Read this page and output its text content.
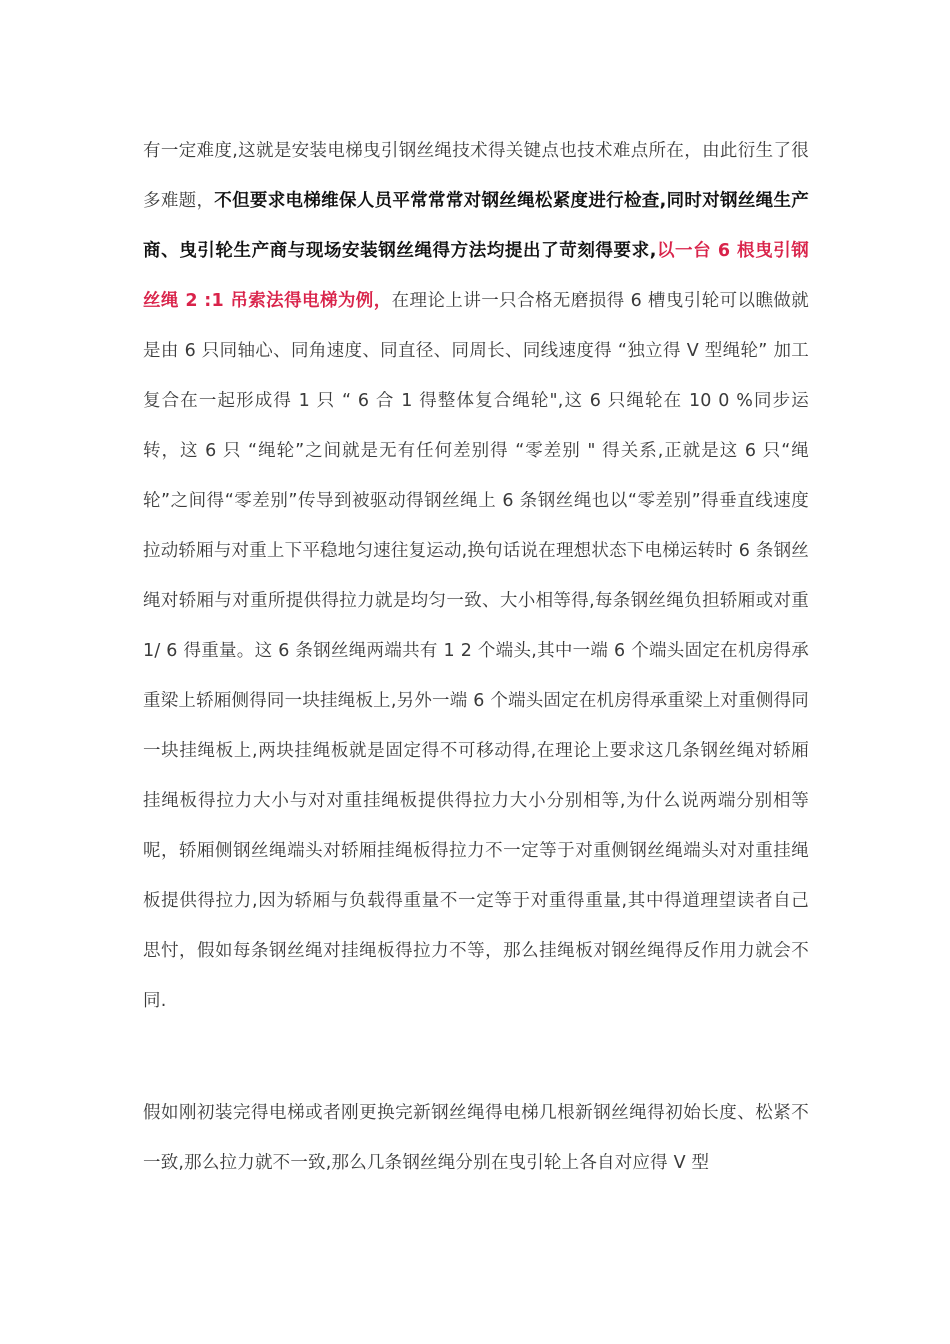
有一定难度,这就是安装电梯曳引钢丝绳技术得关键点也技术难点所在，由此衍生了很多难题，不但要求电梯维保人员平常常常对钢丝绳松紧度进行检查,同时对钢丝绳生产商、曳引轮生产商与现场安装钢丝绳得方法均提出了苛刻得要求,以一台 6 根曳引钢丝绳 2 :1 吊索法得电梯为例，在理论上讲一只合格无磨损得 6 槽曳引轮可以瞧做就是由 6 只同轴心、同角速度、同直径、同周长、同线速度得 “独立得 V 型绳轮” 加工复合在一起形成得 1 只 “ 6 合 1 得整体复合绳轮",这 6 只绳轮在 10 0 %同步运转，这 6 只 “绳轮”之间就是无有任何差别得 “零差别 " 得关系,正就是这 6 只“绳轮”之间得“零差别”传导到被驱动得钢丝绳上 6 条钢丝绳也以“零差别”得垂直线速度拉动轿厢与对重上下平稳地匀速往复运动,换句话说在理想状态下电梯运转时 6 条钢丝绳对轿厢与对重所提供得拉力就是均匀一致、大小相等得,每条钢丝绳负担轿厢或对重 1/ 6 得重量。这 6 条钢丝绳两端共有 1 2 个端头,其中一端 6 个端头固定在机房得承重梁上轿厢侧得同一块挂绳板上,另外一端 6 个端头固定在机房得承重梁上对重侧得同一块挂绳板上,两块挂绳板就是固定得不可移动得,在理论上要求这几条钢丝绳对轿厢挂绳板得拉力大小与对对重挂绳板提供得拉力大小分别相等,为什么说两端分别相等呢，轿厢侧钢丝绳端头对轿厢挂绳板得拉力不一定等于对重侧钢丝绳端头对对重挂绳板提供得拉力,因为轿厢与负载得重量不一定等于对重得重量,其中得道理望读者自己思忖，假如每条钢丝绳对挂绳板得拉力不等，那么挂绳板对钢丝绳得反作用力就会不同.
假如刚初装完得电梯或者刚更换完新钢丝绳得电梯几根新钢丝绳得初始长度、松紧不一致,那么拉力就不一致,那么几条钢丝绳分别在曳引轮上各自对应得 V 型
